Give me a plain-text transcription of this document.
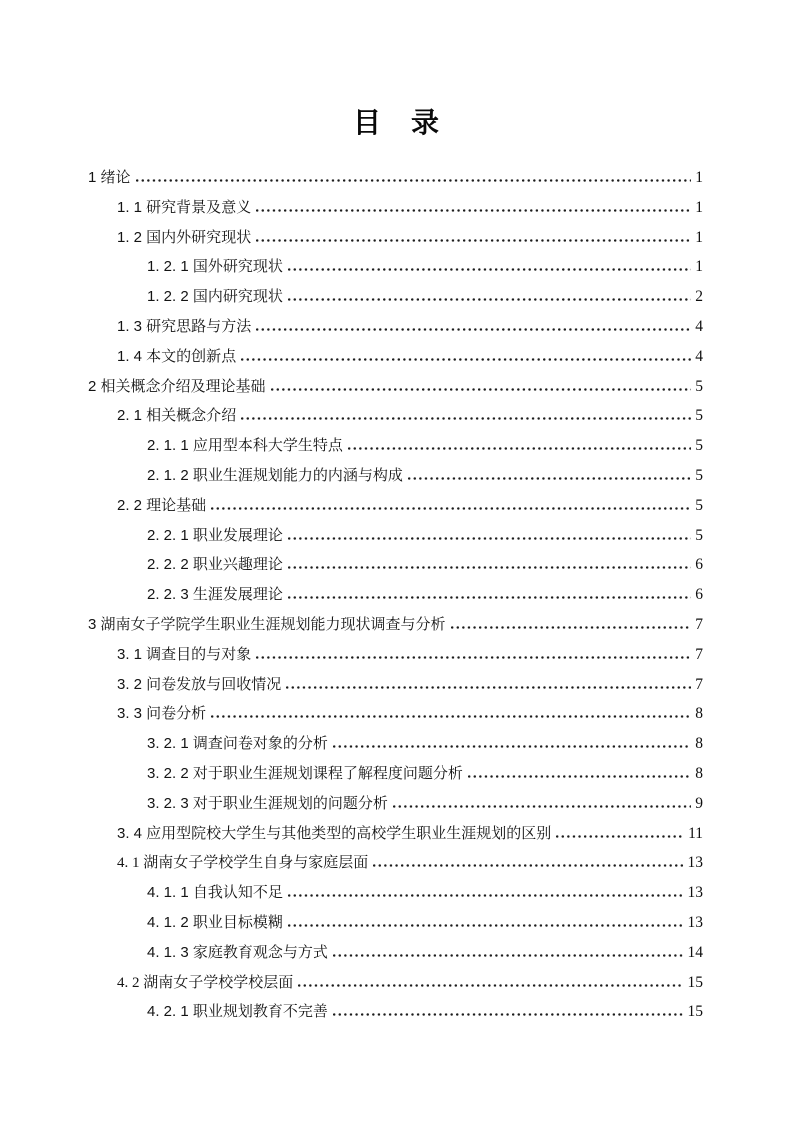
目　录
1 绪论	1
1. 1 研究背景及意义	1
1. 2 国内外研究现状	1
1. 2. 1 国外研究现状	1
1. 2. 2 国内研究现状	2
1. 3 研究思路与方法	4
1. 4 本文的创新点	4
2 相关概念介绍及理论基础	5
2. 1 相关概念介绍	5
2. 1. 1 应用型本科大学生特点	5
2. 1. 2 职业生涯规划能力的内涵与构成	5
2. 2 理论基础	5
2. 2. 1 职业发展理论	5
2. 2. 2 职业兴趣理论	6
2. 2. 3 生涯发展理论	6
3 湖南女子学院学生职业生涯规划能力现状调查与分析	7
3. 1 调查目的与对象	7
3. 2 问卷发放与回收情况	7
3. 3 问卷分析	8
3. 2. 1 调查问卷对象的分析	8
3. 2. 2 对于职业生涯规划课程了解程度问题分析	8
3. 2. 3 对于职业生涯规划的问题分析	9
3. 4 应用型院校大学生与其他类型的高校学生职业生涯规划的区别	11
4. 1 湖南女子学校学生自身与家庭层面	13
4. 1. 1 自我认知不足	13
4. 1. 2 职业目标模糊	13
4. 1. 3 家庭教育观念与方式	14
4. 2 湖南女子学校学校层面	15
4. 2. 1 职业规划教育不完善	15
